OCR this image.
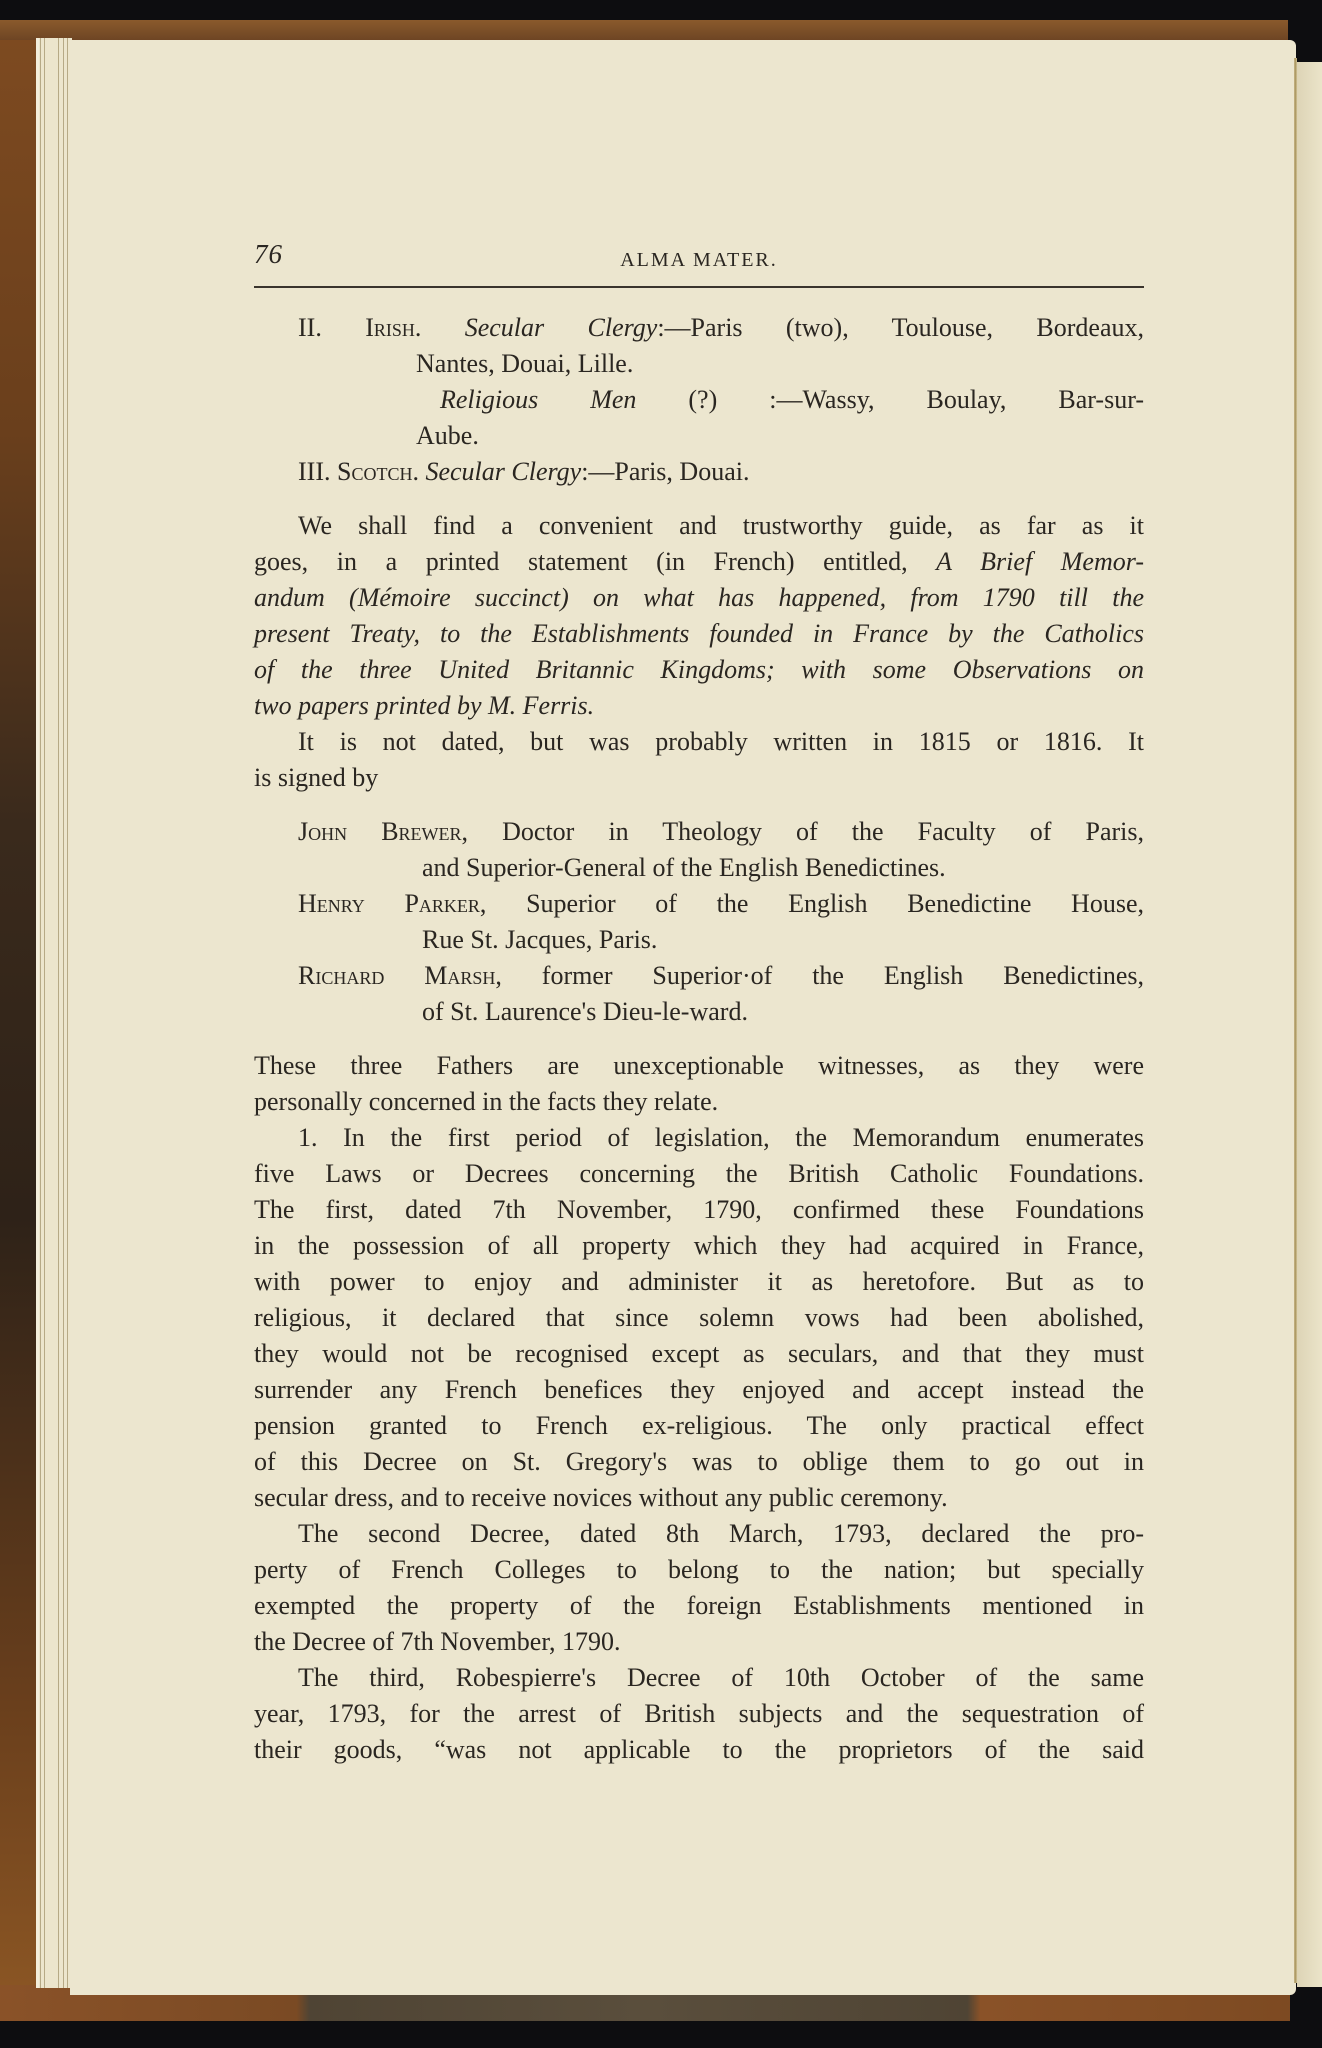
76	ALMA MATER.
II. Irish. Secular Clergy:—Paris (two), Toulouse, Bordeaux,
Nantes, Douai, Lille.
Religious Men (?) :—Wassy, Boulay, Bar-sur-
Aube.
III. Scotch. Secular Clergy:—Paris, Douai.
We shall find a convenient and trustworthy guide, as far as it
goes, in a printed statement (in French) entitled, A Brief Memor-
andum (Mémoire succinct) on what has happened, from 1790 till the
present Treaty, to the Establishments founded in France by the Catholics
of the three United Britannic Kingdoms; with some Observations on
two papers printed by M. Ferris.
It is not dated, but was probably written in 1815 or 1816. It
is signed by
John Brewer, Doctor in Theology of the Faculty of Paris,
and Superior-General of the English Benedictines.
Henry Parker, Superior of the English Benedictine House,
Rue St. Jacques, Paris.
Richard Marsh, former Superior·of the English Benedictines,
of St. Laurence's Dieu-le-ward.
These three Fathers are unexceptionable witnesses, as they were
personally concerned in the facts they relate.
1. In the first period of legislation, the Memorandum enumerates
five Laws or Decrees concerning the British Catholic Foundations.
The first, dated 7th November, 1790, confirmed these Foundations
in the possession of all property which they had acquired in France,
with power to enjoy and administer it as heretofore. But as to
religious, it declared that since solemn vows had been abolished,
they would not be recognised except as seculars, and that they must
surrender any French benefices they enjoyed and accept instead the
pension granted to French ex-religious. The only practical effect
of this Decree on St. Gregory's was to oblige them to go out in
secular dress, and to receive novices without any public ceremony.
The second Decree, dated 8th March, 1793, declared the pro-
perty of French Colleges to belong to the nation; but specially
exempted the property of the foreign Establishments mentioned in
the Decree of 7th November, 1790.
The third, Robespierre's Decree of 10th October of the same
year, 1793, for the arrest of British subjects and the sequestration of
their goods, “was not applicable to the proprietors of the said
